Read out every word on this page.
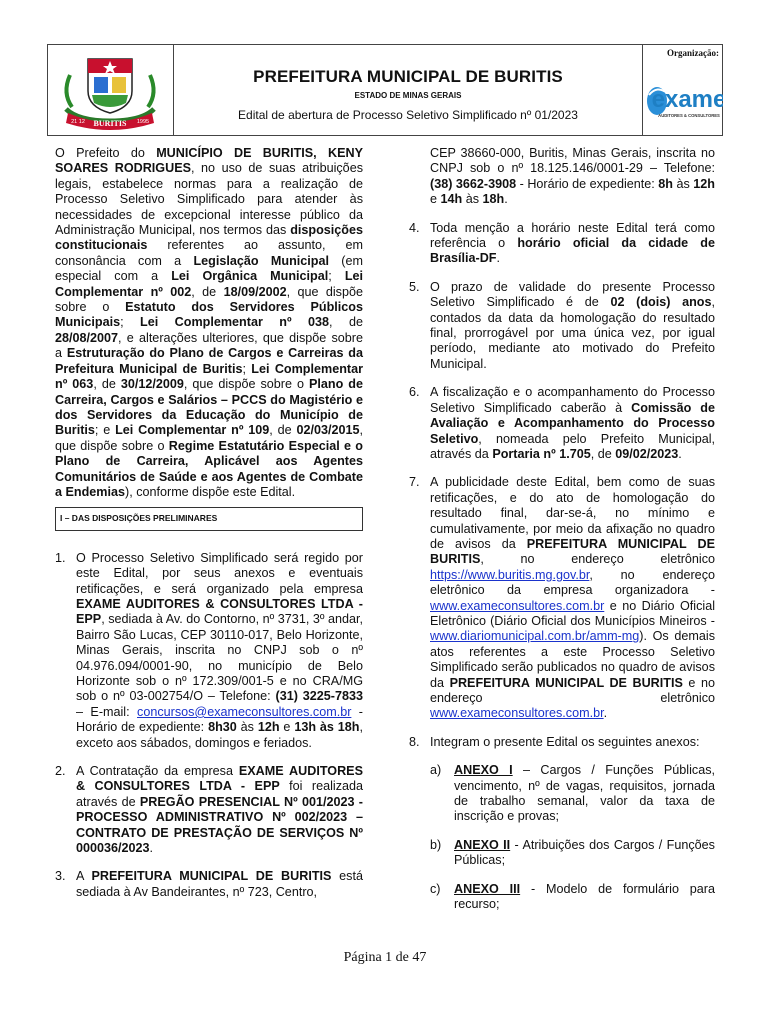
BURITIS
21 12	1995
PREFEITURA MUNICIPAL DE BURITIS
ESTADO DE MINAS GERAIS
Edital de abertura de Processo Seletivo Simplificado nº 01/2023
Organização:
exame
AUDITORES & CONSULTORES

O Prefeito do MUNICÍPIO DE BURITIS, KENY SOARES RODRIGUES, no uso de suas atribuições legais, estabelece normas para a realização de Processo Seletivo Simplificado para atender às necessidades de excepcional interesse público da Administração Municipal, nos termos das disposições constitucionais referentes ao assunto, em consonância com a Legislação Municipal (em especial com a Lei Orgânica Municipal; Lei Complementar nº 002, de 18/09/2002, que dispõe sobre o Estatuto dos Servidores Públicos Municipais; Lei Complementar nº 038, de 28/08/2007, e alterações ulteriores, que dispõe sobre a Estruturação do Plano de Cargos e Carreiras da Prefeitura Municipal de Buritis; Lei Complementar nº 063, de 30/12/2009, que dispõe sobre o Plano de Carreira, Cargos e Salários – PCCS do Magistério e dos Servidores da Educação do Município de Buritis; e Lei Complementar nº 109, de 02/03/2015, que dispõe sobre o Regime Estatutário Especial e o Plano de Carreira, Aplicável aos Agentes Comunitários de Saúde e aos Agentes de Combate a Endemias), conforme dispõe este Edital.

I – DAS DISPOSIÇÕES PRELIMINARES
1. O Processo Seletivo Simplificado será regido por este Edital, por seus anexos e eventuais retificações, e será organizado pela empresa EXAME AUDITORES & CONSULTORES LTDA - EPP, sediada à Av. do Contorno, nº 3731, 3º andar, Bairro São Lucas, CEP 30110-017, Belo Horizonte, Minas Gerais, inscrita no CNPJ sob o nº 04.976.094/0001-90, no município de Belo Horizonte sob o nº 172.309/001-5 e no CRA/MG sob o nº 03-002754/O – Telefone: (31) 3225-7833 – E-mail: concursos@exameconsultores.com.br - Horário de expediente: 8h30 às 12h e 13h às 18h, exceto aos sábados, domingos e feriados.
2. A Contratação da empresa EXAME AUDITORES & CONSULTORES LTDA - EPP foi realizada através de PREGÃO PRESENCIAL Nº 001/2023 - PROCESSO ADMINISTRATIVO Nº 002/2023 – CONTRATO DE PRESTAÇÃO DE SERVIÇOS Nº 000036/2023.
3. A PREFEITURA MUNICIPAL DE BURITIS está sediada à Av Bandeirantes, nº 723, Centro,

CEP 38660-000, Buritis, Minas Gerais, inscrita no CNPJ sob o nº 18.125.146/0001-29 – Telefone: (38) 3662-3908 - Horário de expediente: 8h às 12h e 14h às 18h.

4. Toda menção a horário neste Edital terá como referência o horário oficial da cidade de Brasília-DF.
5. O prazo de validade do presente Processo Seletivo Simplificado é de 02 (dois) anos, contados da data da homologação do resultado final, prorrogável por uma única vez, por igual período, mediante ato motivado do Prefeito Municipal.
6. A fiscalização e o acompanhamento do Processo Seletivo Simplificado caberão à Comissão de Avaliação e Acompanhamento do Processo Seletivo, nomeada pelo Prefeito Municipal, através da Portaria nº 1.705, de 09/02/2023.
7. A publicidade deste Edital, bem como de suas retificações, e do ato de homologação do resultado final, dar-se-á, no mínimo e cumulativamente, por meio da afixação no quadro de avisos da PREFEITURA MUNICIPAL DE BURITIS, no endereço eletrônico https://www.buritis.mg.gov.br, no endereço eletrônico da empresa organizadora - www.exameconsultores.com.br e no Diário Oficial Eletrônico (Diário Oficial dos Municípios Mineiros - www.diariomunicipal.com.br/amm-mg). Os demais atos referentes a este Processo Seletivo Simplificado serão publicados no quadro de avisos da PREFEITURA MUNICIPAL DE BURITIS e no endereço eletrônico www.exameconsultores.com.br.
8. Integram o presente Edital os seguintes anexos:
a)	ANEXO I – Cargos / Funções Públicas, vencimento, nº de vagas, requisitos, jornada de trabalho semanal, valor da taxa de inscrição e provas;
b)	ANEXO II - Atribuições dos Cargos / Funções Públicas;
c)	ANEXO III - Modelo de formulário para recurso;
Página 1 de 47
